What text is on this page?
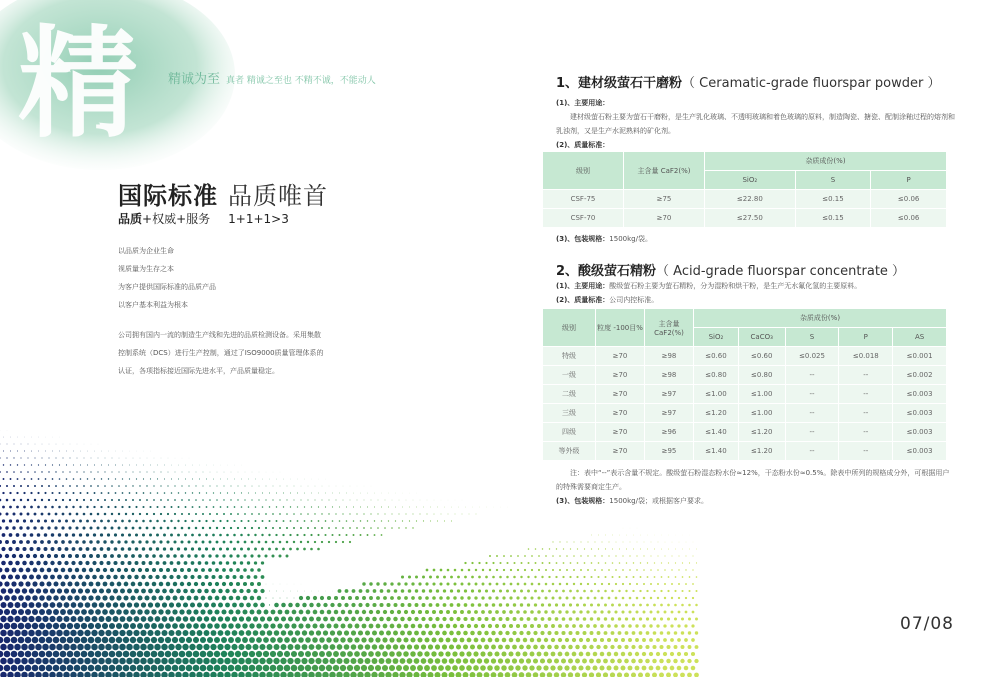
精 精诚为至 真者 精诚之至也 不精不诚，不能动人
国际标准 品质唯首
品质+权威+服务 1+1+1>3
以品质为企业生命
视质量为生存之本
为客户提供国际标准的品质产品
以客户基本利益为根本
公司拥有国内一流的制造生产线和先进的品质检测设备。采用集散
控制系统（DCS）进行生产控制，通过了ISO9000质量管理体系的
认证，各项指标接近国际先进水平，产品质量稳定。
1、建材级萤石干磨粉（ Ceramatic-grade fluorspar powder ）
(1)、主要用途：
建材级萤石粉主要为萤石干磨粉，是生产乳化玻璃、不透明玻璃和着色玻璃的原料，制造陶瓷、搪瓷、配制涂釉过程的熔剂和乳浊剂，又是生产水泥熟料的矿化剂。
(2)、质量标准：
级别	主含量 CaF2(%)	杂质成份(%)		
		SiO₂	S	P
CSF-75	≥75	≤22.80	≤0.15	≤0.06
CSF-70	≥70	≤27.50	≤0.15	≤0.06
(3)、包装规格：1500kg/袋。
2、酸级萤石精粉（ Acid-grade fluorspar concentrate ）
(1)、主要用途：酸级萤石粉主要为萤石精粉，分为湿粉和烘干粉，是生产无水氟化氢的主要原料。
(2)、质量标准：公司内控标准。
级别	粒度 -100目%	主含量 CaF2(%)	杂质成份(%)				
			SiO₂	CaCO₃	S	P	AS
特级	≥70	≥98	≤0.60	≤0.60	≤0.025	≤0.018	≤0.001
一级	≥70	≥98	≤0.80	≤0.80	--	--	≤0.002
二级	≥70	≥97	≤1.00	≤1.00	--	--	≤0.003
三级	≥70	≥97	≤1.20	≤1.00	--	--	≤0.003
四级	≥70	≥96	≤1.40	≤1.20	--	--	≤0.003
等外级	≥70	≥95	≤1.40	≤1.20	--	--	≤0.003
注：表中“--”表示含量不规定。酸级萤石粉湿态粉水份≈12%，干态粉水份≈0.5%。除表中所列的规格成分外，可根据用户的特殊需要商定生产。
(3)、包装规格：1500kg/袋；或根据客户要求。
07/08
